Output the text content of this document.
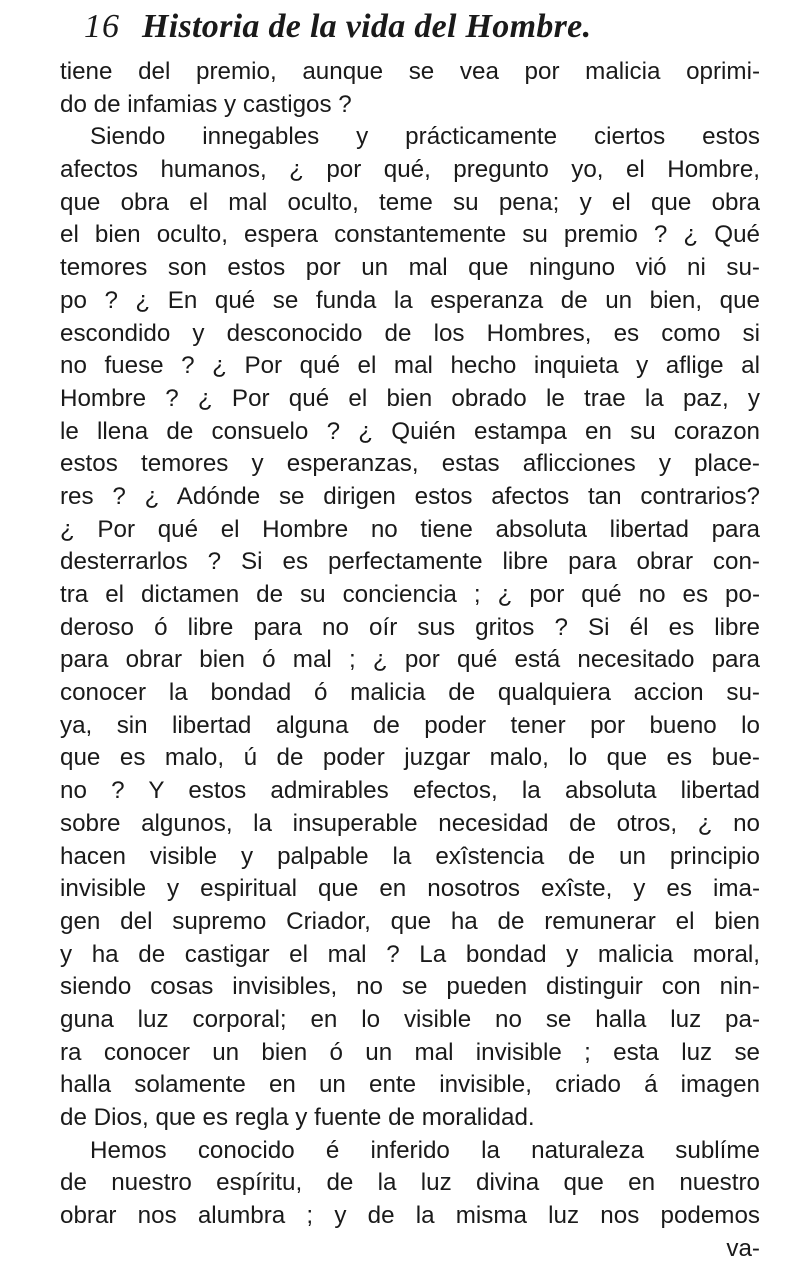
16 Historia de la vida del Hombre.
tiene del premio, aunque se vea por malicia oprimi-
do de infamias y castigos ?
Siendo innegables y prácticamente ciertos estos
afectos humanos, ¿ por qué, pregunto yo, el Hombre,
que obra el mal oculto, teme su pena; y el que obra
el bien oculto, espera constantemente su premio ? ¿ Qué
temores son estos por un mal que ninguno vió ni su-
po ? ¿ En qué se funda la esperanza de un bien, que
escondido y desconocido de los Hombres, es como si
no fuese ? ¿ Por qué el mal hecho inquieta y aflige al
Hombre ? ¿ Por qué el bien obrado le trae la paz, y
le llena de consuelo ? ¿ Quién estampa en su corazon
estos temores y esperanzas, estas aflicciones y place-
res ? ¿ Adónde se dirigen estos afectos tan contrarios?
¿ Por qué el Hombre no tiene absoluta libertad para
desterrarlos ? Si es perfectamente libre para obrar con-
tra el dictamen de su conciencia ; ¿ por qué no es po-
deroso ó libre para no oír sus gritos ? Si él es libre
para obrar bien ó mal ; ¿ por qué está necesitado para
conocer la bondad ó malicia de qualquiera accion su-
ya, sin libertad alguna de poder tener por bueno lo
que es malo, ú de poder juzgar malo, lo que es bue-
no ? Y estos admirables efectos, la absoluta libertad
sobre algunos, la insuperable necesidad de otros, ¿ no
hacen visible y palpable la exîstencia de un principio
invisible y espiritual que en nosotros exîste, y es ima-
gen del supremo Criador, que ha de remunerar el bien
y ha de castigar el mal ? La bondad y malicia moral,
siendo cosas invisibles, no se pueden distinguir con nin-
guna luz corporal; en lo visible no se halla luz pa-
ra conocer un bien ó un mal invisible ; esta luz se
halla solamente en un ente invisible, criado á imagen
de Dios, que es regla y fuente de moralidad.
Hemos conocido é inferido la naturaleza sublíme
de nuestro espíritu, de la luz divina que en nuestro
obrar nos alumbra ; y de la misma luz nos podemos
va-
